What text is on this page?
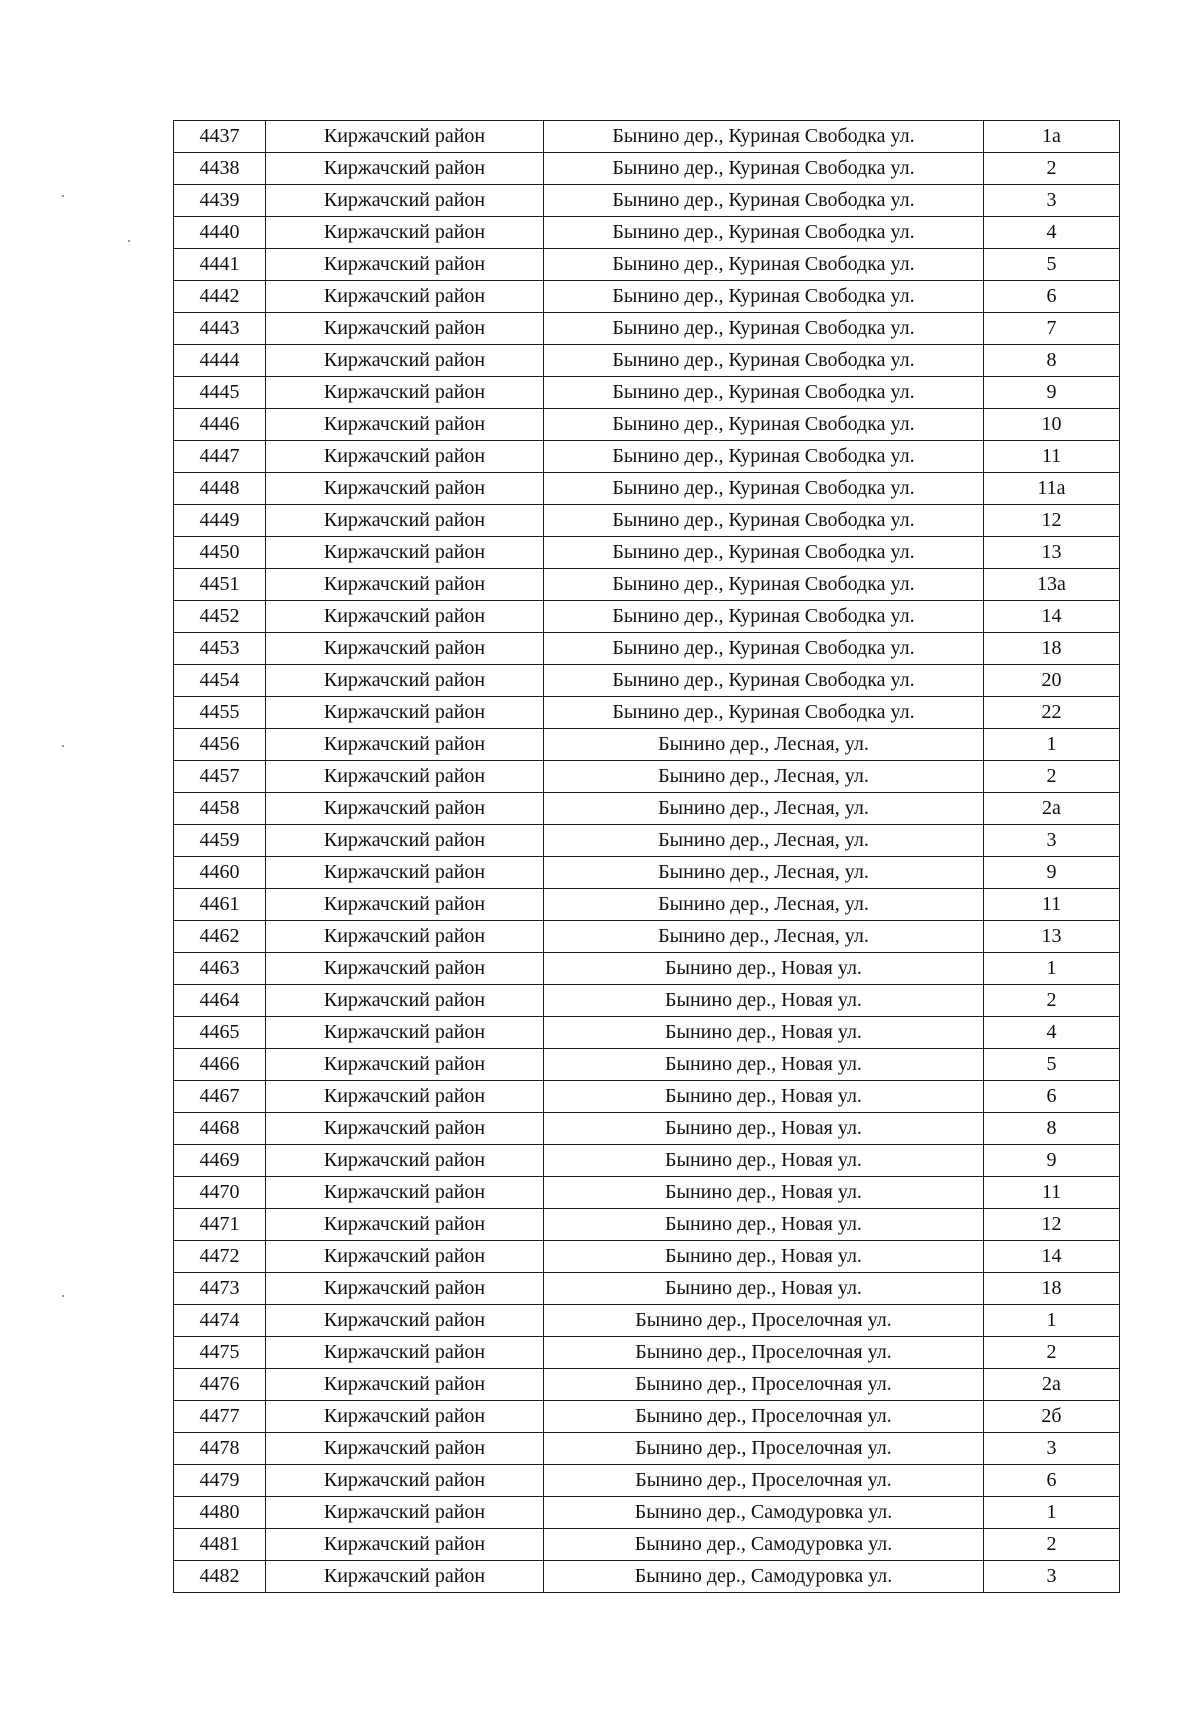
4437	Киржачский район	Бынино дер., Куриная Свободка ул.	1а
4438	Киржачский район	Бынино дер., Куриная Свободка ул.	2
4439	Киржачский район	Бынино дер., Куриная Свободка ул.	3
4440	Киржачский район	Бынино дер., Куриная Свободка ул.	4
4441	Киржачский район	Бынино дер., Куриная Свободка ул.	5
4442	Киржачский район	Бынино дер., Куриная Свободка ул.	6
4443	Киржачский район	Бынино дер., Куриная Свободка ул.	7
4444	Киржачский район	Бынино дер., Куриная Свободка ул.	8
4445	Киржачский район	Бынино дер., Куриная Свободка ул.	9
4446	Киржачский район	Бынино дер., Куриная Свободка ул.	10
4447	Киржачский район	Бынино дер., Куриная Свободка ул.	11
4448	Киржачский район	Бынино дер., Куриная Свободка ул.	11а
4449	Киржачский район	Бынино дер., Куриная Свободка ул.	12
4450	Киржачский район	Бынино дер., Куриная Свободка ул.	13
4451	Киржачский район	Бынино дер., Куриная Свободка ул.	13а
4452	Киржачский район	Бынино дер., Куриная Свободка ул.	14
4453	Киржачский район	Бынино дер., Куриная Свободка ул.	18
4454	Киржачский район	Бынино дер., Куриная Свободка ул.	20
4455	Киржачский район	Бынино дер., Куриная Свободка ул.	22
4456	Киржачский район	Бынино дер., Лесная, ул.	1
4457	Киржачский район	Бынино дер., Лесная, ул.	2
4458	Киржачский район	Бынино дер., Лесная, ул.	2а
4459	Киржачский район	Бынино дер., Лесная, ул.	3
4460	Киржачский район	Бынино дер., Лесная, ул.	9
4461	Киржачский район	Бынино дер., Лесная, ул.	11
4462	Киржачский район	Бынино дер., Лесная, ул.	13
4463	Киржачский район	Бынино дер., Новая ул.	1
4464	Киржачский район	Бынино дер., Новая ул.	2
4465	Киржачский район	Бынино дер., Новая ул.	4
4466	Киржачский район	Бынино дер., Новая ул.	5
4467	Киржачский район	Бынино дер., Новая ул.	6
4468	Киржачский район	Бынино дер., Новая ул.	8
4469	Киржачский район	Бынино дер., Новая ул.	9
4470	Киржачский район	Бынино дер., Новая ул.	11
4471	Киржачский район	Бынино дер., Новая ул.	12
4472	Киржачский район	Бынино дер., Новая ул.	14
4473	Киржачский район	Бынино дер., Новая ул.	18
4474	Киржачский район	Бынино дер., Проселочная ул.	1
4475	Киржачский район	Бынино дер., Проселочная ул.	2
4476	Киржачский район	Бынино дер., Проселочная ул.	2а
4477	Киржачский район	Бынино дер., Проселочная ул.	2б
4478	Киржачский район	Бынино дер., Проселочная ул.	3
4479	Киржачский район	Бынино дер., Проселочная ул.	6
4480	Киржачский район	Бынино дер., Самодуровка ул.	1
4481	Киржачский район	Бынино дер., Самодуровка ул.	2
4482	Киржачский район	Бынино дер., Самодуровка ул.	3
